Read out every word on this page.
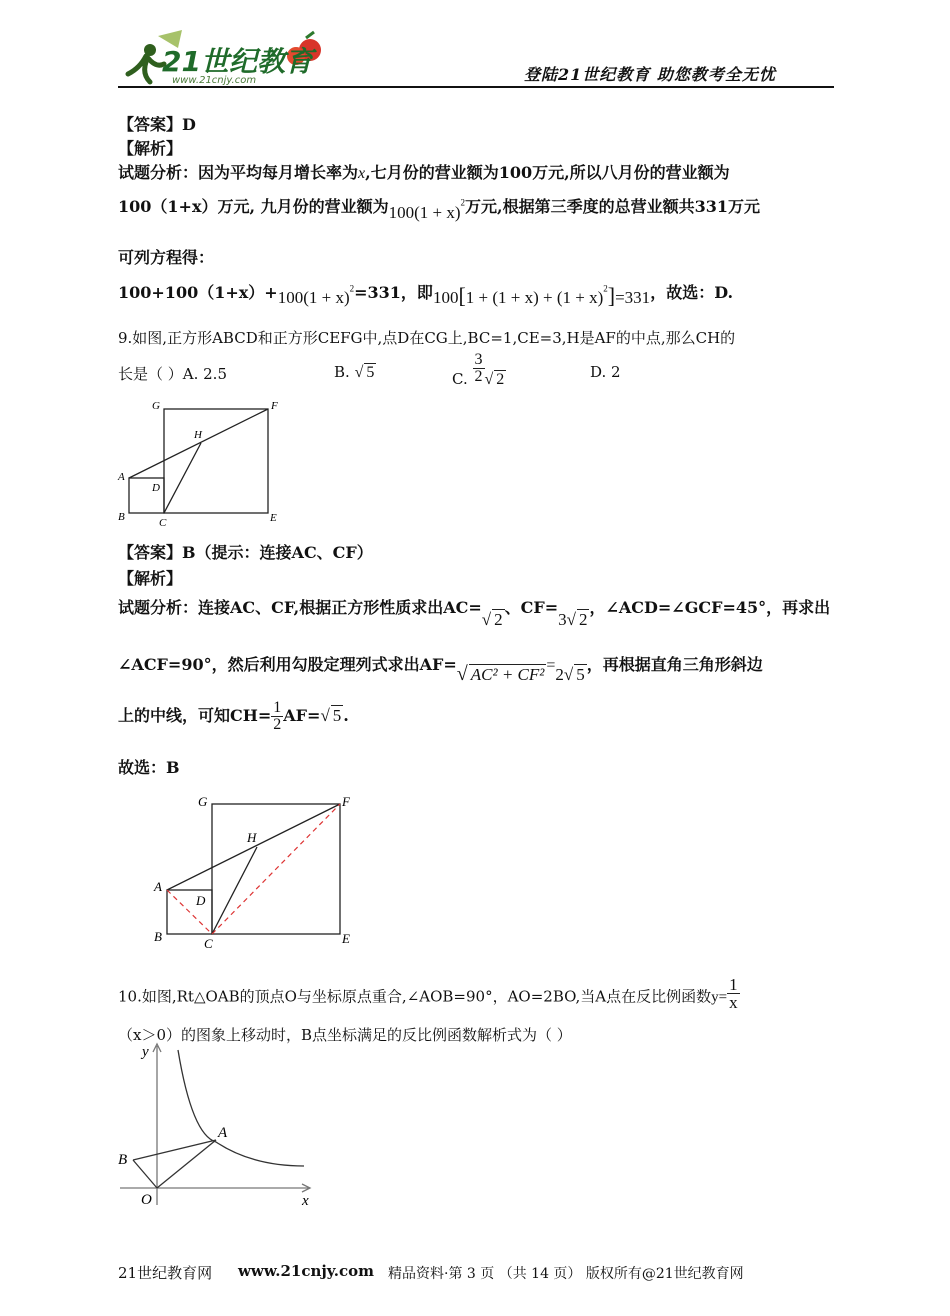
21世纪教育
www.21cnjy.com	登陆21世纪教育 助您教考全无忧
【答案】D
【解析】
试题分析：因为平均每月增长率为x,七月份的营业额为100万元,所以八月份的营业额为
100（1+x）万元, 九月份的营业额为$100(1 + x)^2$万元,根据第三季度的总营业额共331万元
可列方程得：
$100+100(1+x)+100(1 + x)^2=331$，即$100[1 + (1 + x) + (1 + x)^2]=331$，故选：D.
9.如图,正方形ABCD和正方形CEFG中,点D在CG上,BC=1,CE=3,H是AF的中点,那么CH的
长是（ ）A. 2.5	B. √ 5	C. $\frac{3}{2}$ √ 2	D. 2
G	F
H
A
D
B	C	E
【答案】B（提示：连接AC、CF）
【解析】
试题分析：连接AC、CF,根据正方形性质求出AC=√ 2、CF=3√ 2，∠ACD=∠GCF=45°，再求出
∠ACF=90°，然后利用勾股定理列式求出AF=√ AC² + CF² =2√ 5，再根据直角三角形斜边
上的中线，可知$CH= \frac{1}{2} AF=√$ 5 .
故选：B
G	F
H
A
D
B	C	E
10.如图,Rt△OAB的顶点O与坐标原点重合,∠AOB=90°，AO=2BO,当A点在反比例函数$y= \frac{1}{x}$
（x＞0）的图象上移动时，B点坐标满足的反比例函数解析式为（ ）
y
x
A
B
O
21世纪教育网 www.21cnjy.com 精品资料·第 3 页 （共 14 页） 版权所有@21世纪教育网
